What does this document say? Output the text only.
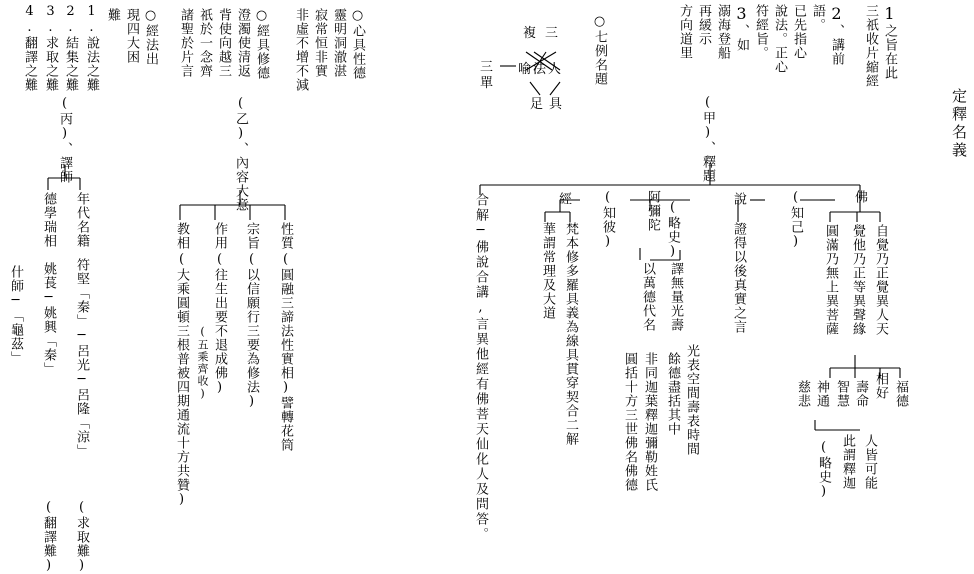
定釋名義
1
之旨在此
三祇收片縮經
2
、講前
語。
已先指心
說法。正心
符經旨。
3
、如
溺海登船
再緩示
方向道里
○七例名題
複 三
三
單
喻法人
足具	(甲)、釋題
佛
(知己)
自覺乃正覺異人天
覺他乃正等異聲緣
圓滿乃無上異菩薩
福德
相好
壽命
智慧
神通
慈悲
人皆可能
此謂釋迦
(略史)
說
證得以後真實之言
阿彌陀 (略史)
譯無量光壽
以萬德代名
光表空間壽表時間
餘德盡括其中
非同迦葉釋迦彌勒姓氏
圓括十方三世佛名佛德
(知彼)
經
梵本修多羅具義為線具貫穿契合二解
華謂常理及大道
合解─佛說合講,言異他經有佛菩天仙化人及問答。
○心具性德
靈明洞澈湛
寂常恒非實
非虛不增不減
○經具修德
澄濁使清返
背使向越三
祇於一念齊
諸聖於片言
(乙)、內容大意
性質
(圓融三諦法性實相)譬轉花筒
宗旨
(以信願行三要為修法)
作用
(往生出要不退成佛)
(五乘齊收)
教相
(大乘圓頓三根普被四期通流十方共贊)
○經法出
現四大困
難
1.說法之難
2.結集之難
3.求取之難
4.翻譯之難
(丙)、譯師
年代名籍
符堅「秦」─呂光─呂隆「涼」
(求取難)
德學瑞相
姚萇─姚興「秦」
(翻譯難)
什師─「龜茲」
